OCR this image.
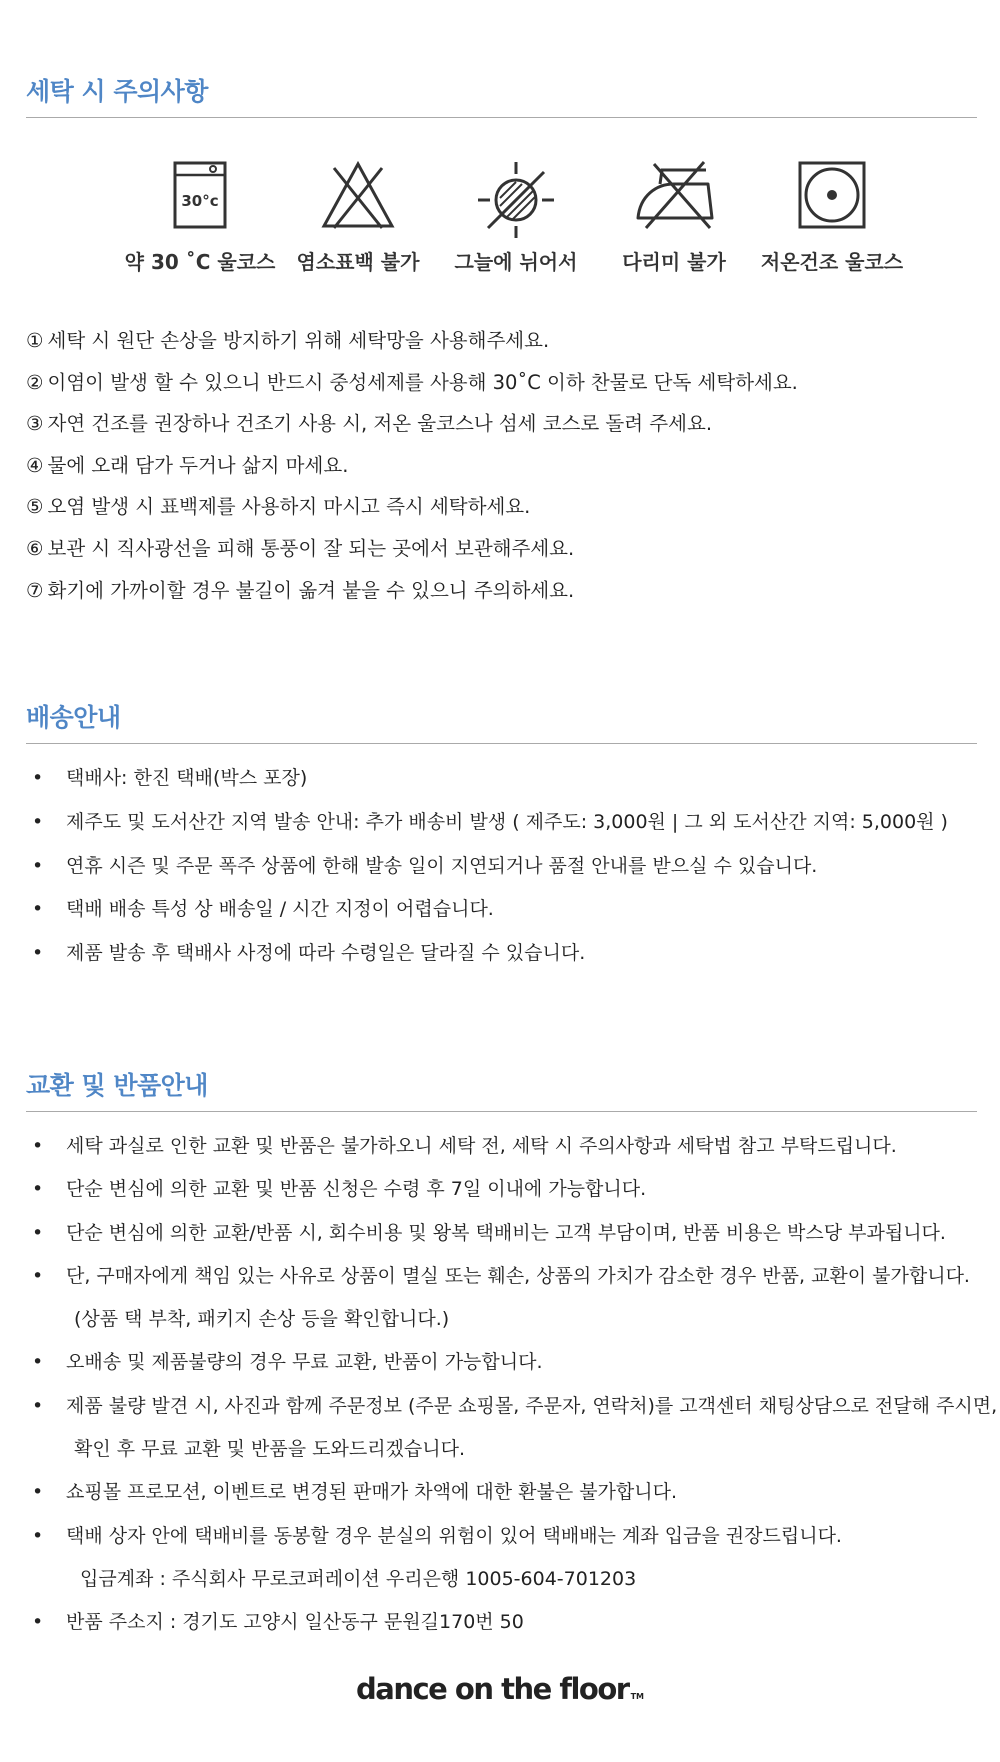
세탁 시 주의사항
30°c
약 30 ˚C 울코스	염소표백 불가	그늘에 뉘어서	다리미 불가	저온건조 울코스
① 세탁 시 원단 손상을 방지하기 위해 세탁망을 사용해주세요.
② 이염이 발생 할 수 있으니 반드시 중성세제를 사용해 30˚C 이하 찬물로 단독 세탁하세요.
③ 자연 건조를 권장하나 건조기 사용 시, 저온 울코스나 섬세 코스로 돌려 주세요.
④ 물에 오래 담가 두거나 삶지 마세요.
⑤ 오염 발생 시 표백제를 사용하지 마시고 즉시 세탁하세요.
⑥ 보관 시 직사광선을 피해 통풍이 잘 되는 곳에서 보관해주세요.
⑦ 화기에 가까이할 경우 불길이 옮겨 붙을 수 있으니 주의하세요.
배송안내
• 택배사: 한진 택배(박스 포장)
• 제주도 및 도서산간 지역 발송 안내: 추가 배송비 발생 ( 제주도: 3,000원 | 그 외 도서산간 지역: 5,000원 )
• 연휴 시즌 및 주문 폭주 상품에 한해 발송 일이 지연되거나 품절 안내를 받으실 수 있습니다.
• 택배 배송 특성 상 배송일 / 시간 지정이 어렵습니다.
• 제품 발송 후 택배사 사정에 따라 수령일은 달라질 수 있습니다.
교환 및 반품안내
• 세탁 과실로 인한 교환 및 반품은 불가하오니 세탁 전, 세탁 시 주의사항과 세탁법 참고 부탁드립니다.
• 단순 변심에 의한 교환 및 반품 신청은 수령 후 7일 이내에 가능합니다.
• 단순 변심에 의한 교환/반품 시, 회수비용 및 왕복 택배비는 고객 부담이며, 반품 비용은 박스당 부과됩니다.
• 단, 구매자에게 책임 있는 사유로 상품이 멸실 또는 훼손, 상품의 가치가 감소한 경우 반품, 교환이 불가합니다.
(상품 택 부착, 패키지 손상 등을 확인합니다.)
• 오배송 및 제품불량의 경우 무료 교환, 반품이 가능합니다.
• 제품 불량 발견 시, 사진과 함께 주문정보 (주문 쇼핑몰, 주문자, 연락처)를 고객센터 채팅상담으로 전달해 주시면,
확인 후 무료 교환 및 반품을 도와드리겠습니다.
• 쇼핑몰 프로모션, 이벤트로 변경된 판매가 차액에 대한 환불은 불가합니다.
• 택배 상자 안에 택배비를 동봉할 경우 분실의 위험이 있어 택배배는 계좌 입금을 권장드립니다.
입금계좌 : 주식회사 무로코퍼레이션 우리은행 1005-604-701203
• 반품 주소지 : 경기도 고양시 일산동구 문원길170번 50
dance on the floor TM
